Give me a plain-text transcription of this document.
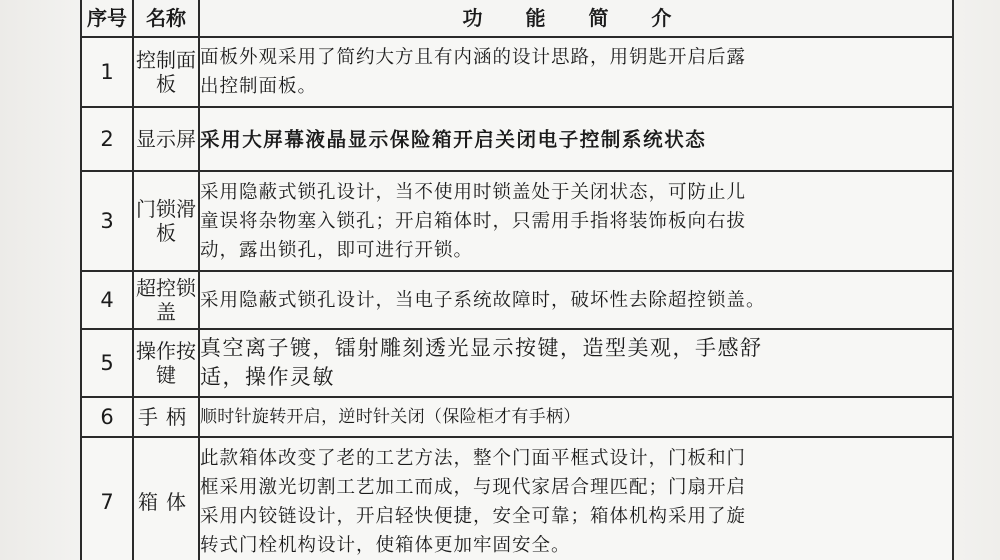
序号	名称	功 能 简 介
1	控制面板	面板外观采用了简约大方且有内涵的设计思路，用钥匙开启后露
出控制面板。

2	显示屏	采用大屏幕液晶显示保险箱开启关闭电子控制系统状态

3	门锁滑板	采用隐蔽式锁孔设计，当不使用时锁盖处于关闭状态，可防止儿
童误将杂物塞入锁孔；开启箱体时，只需用手指将装饰板向右拔
动，露出锁孔，即可进行开锁。

4	超控锁盖	采用隐蔽式锁孔设计，当电子系统故障时，破坏性去除超控锁盖。

5	操作按键	真空离子镀，镭射雕刻透光显示按键，造型美观，手感舒
适，操作灵敏

6	手柄	顺时针旋转开启，逆时针关闭（保险柜才有手柄）

7	箱体	此款箱体改变了老的工艺方法，整个门面平框式设计，门板和门
框采用激光切割工艺加工而成，与现代家居合理匹配；门扇开启
采用内铰链设计，开启轻快便捷，安全可靠；箱体机构采用了旋
转式门栓机构设计，使箱体更加牢固安全。
